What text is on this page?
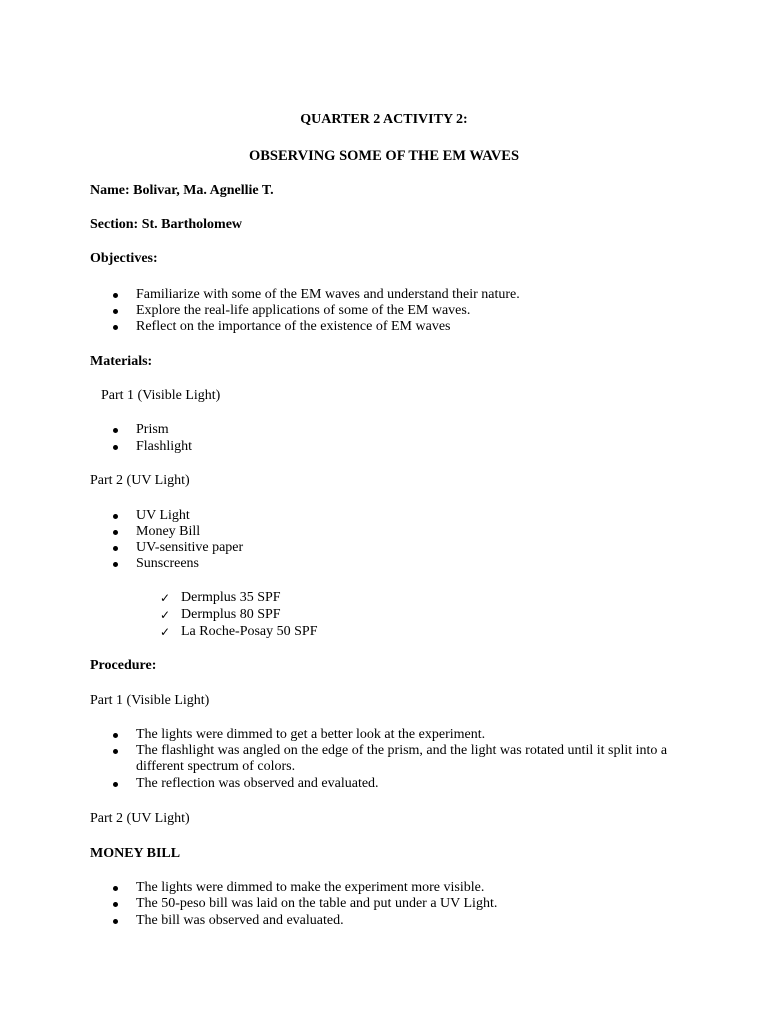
QUARTER 2 ACTIVITY 2:
OBSERVING SOME OF THE EM WAVES
Name: Bolivar, Ma. Agnellie T.
Section: St. Bartholomew
Objectives:
Familiarize with some of the EM waves and understand their nature.
Explore the real-life applications of some of the EM waves.
Reflect on the importance of the existence of EM waves
Materials:
Part 1 (Visible Light)
Prism
Flashlight
Part 2 (UV Light)
UV Light
Money Bill
UV-sensitive paper
Sunscreens
✓ Dermplus 35 SPF
✓ Dermplus 80 SPF
✓ La Roche-Posay 50 SPF
Procedure:
Part 1 (Visible Light)
The lights were dimmed to get a better look at the experiment.
The flashlight was angled on the edge of the prism, and the light was rotated until it split into a different spectrum of colors.
The reflection was observed and evaluated.
Part 2 (UV Light)
MONEY BILL
The lights were dimmed to make the experiment more visible.
The 50-peso bill was laid on the table and put under a UV Light.
The bill was observed and evaluated.
